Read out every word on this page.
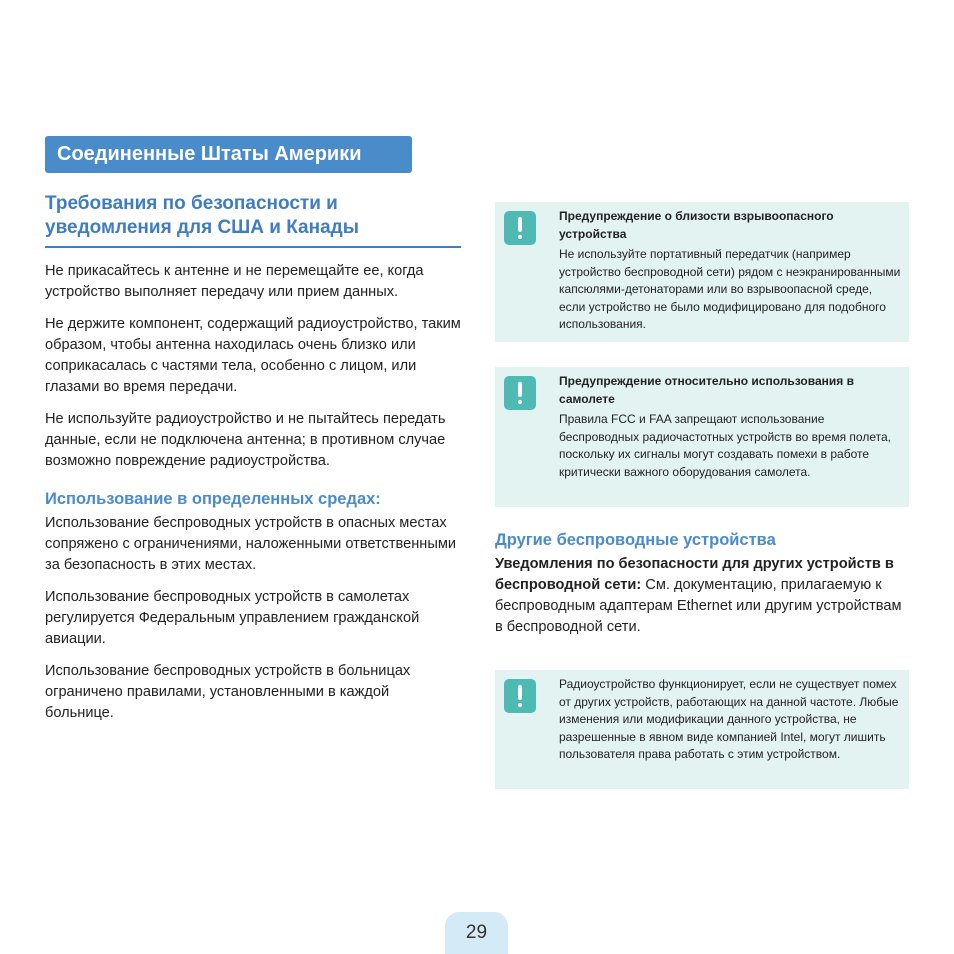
Соединенные Штаты Америки
Требования по безопасности и уведомления для США и Канады

Не прикасайтесь к антенне и не перемещайте ее, когда устройство выполняет передачу или прием данных.

Не держите компонент, содержащий радиоустройство, таким образом, чтобы антенна находилась очень близко или соприкасалась с частями тела, особенно с лицом, или глазами во время передачи.

Не используйте радиоустройство и не пытайтесь передать данные, если не подключена антенна; в противном случае возможно повреждение радиоустройства.

Использование в определенных средах:

Использование беспроводных устройств в опасных местах сопряжено с ограничениями, наложенными ответственными за безопасность в этих местах.

Использование беспроводных устройств в самолетах регулируется Федеральным управлением гражданской авиации.

Использование беспроводных устройств в больницах ограничено правилами, установленными в каждой больнице.

Предупреждение о близости взрывоопасного устройства
Не используйте портативный передатчик (например устройство беспроводной сети) рядом с неэкранированными капсюлями-детонаторами или во взрывоопасной среде, если устройство не было модифицировано для подобного использования.
Предупреждение относительно использования в самолете
Правила FCC и FAA запрещают использование беспроводных радиочастотных устройств во время полета, поскольку их сигналы могут создавать помехи в работе критически важного оборудования самолета.
Другие беспроводные устройства

Уведомления по безопасности для других устройств в беспроводной сети: См. документацию, прилагаемую к беспроводным адаптерам Ethernet или другим устройствам в беспроводной сети.

Радиоустройство функционирует, если не существует помех от других устройств, работающих на данной частоте. Любые изменения или модификации данного устройства, не разрешенные в явном виде компанией Intel, могут лишить пользователя права работать с этим устройством.
29
